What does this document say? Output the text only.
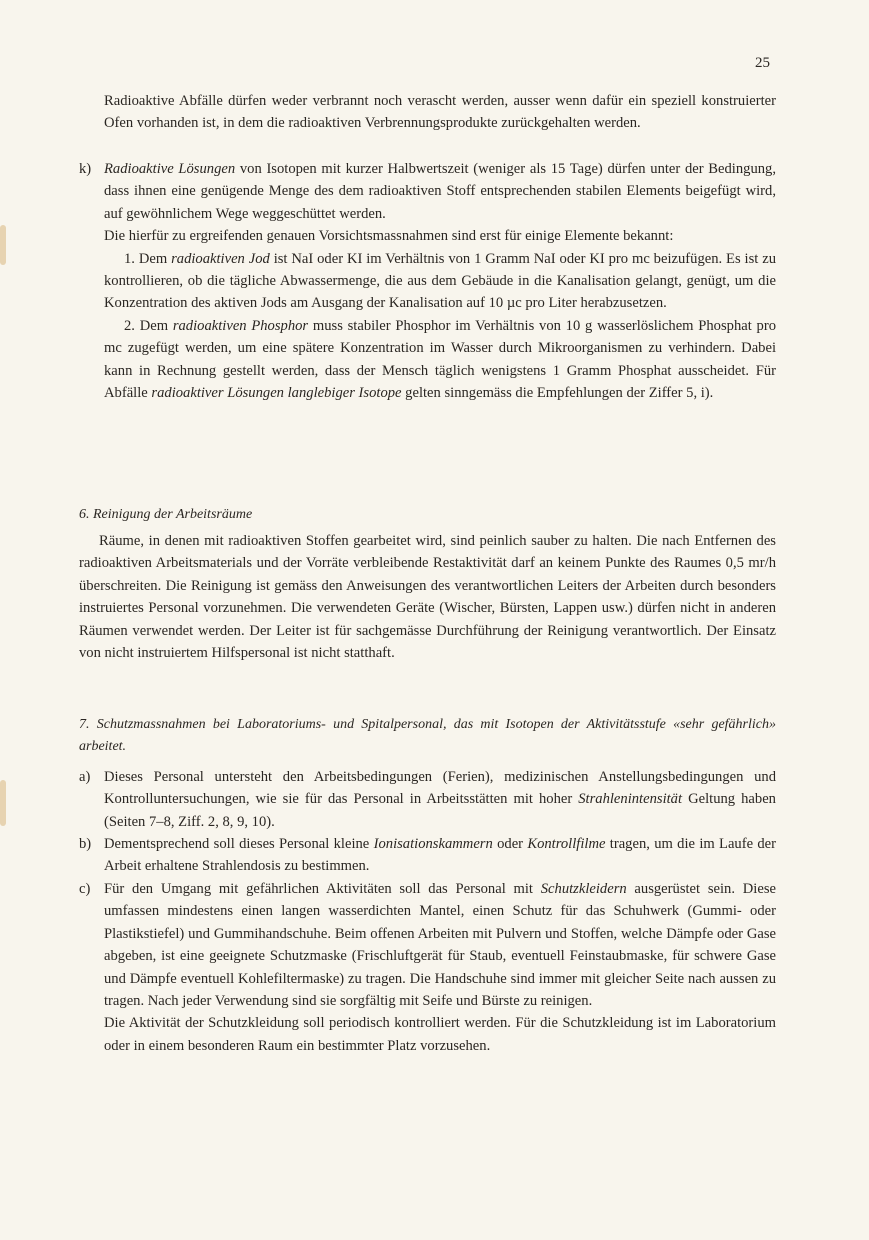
25

Radioaktive Abfälle dürfen weder verbrannt noch verascht werden, ausser wenn dafür ein speziell konstruierter Ofen vorhanden ist, in dem die radioaktiven Verbrennungsprodukte zurückgehalten werden.

k) Radioaktive Lösungen von Isotopen mit kurzer Halbwertszeit (weniger als 15 Tage) dürfen unter der Bedingung, dass ihnen eine genügende Menge des dem radioaktiven Stoff entsprechenden stabilen Elements beigefügt wird, auf gewöhnlichem Wege weggeschüttet werden.

Die hierfür zu ergreifenden genauen Vorsichtsmassnahmen sind erst für einige Elemente bekannt:

1. Dem radioaktiven Jod ist NaI oder KI im Verhältnis von 1 Gramm NaI oder KI pro mc beizufügen. Es ist zu kontrollieren, ob die tägliche Abwassermenge, die aus dem Gebäude in die Kanalisation gelangt, genügt, um die Konzentration des aktiven Jods am Ausgang der Kanalisation auf 10 µc pro Liter herabzusetzen.

2. Dem radioaktiven Phosphor muss stabiler Phosphor im Verhältnis von 10 g wasserlöslichem Phosphat pro mc zugefügt werden, um eine spätere Konzentration im Wasser durch Mikroorganismen zu verhindern. Dabei kann in Rechnung gestellt werden, dass der Mensch täglich wenigstens 1 Gramm Phosphat ausscheidet. Für Abfälle radioaktiver Lösungen langlebiger Isotope gelten sinngemäss die Empfehlungen der Ziffer 5, i).

6. Reinigung der Arbeitsräume
Räume, in denen mit radioaktiven Stoffen gearbeitet wird, sind peinlich sauber zu halten. Die nach Entfernen des radioaktiven Arbeitsmaterials und der Vorräte verbleibende Restaktivität darf an keinem Punkte des Raumes 0,5 mr/h überschreiten. Die Reinigung ist gemäss den Anweisungen des verantwortlichen Leiters der Arbeiten durch besonders instruiertes Personal vorzunehmen. Die verwendeten Geräte (Wischer, Bürsten, Lappen usw.) dürfen nicht in anderen Räumen verwendet werden. Der Leiter ist für sachgemässe Durchführung der Reinigung verantwortlich. Der Einsatz von nicht instruiertem Hilfspersonal ist nicht statthaft.
7. Schutzmassnahmen bei Laboratoriums- und Spitalpersonal, das mit Isotopen der Aktivitätsstufe «sehr gefährlich» arbeitet.
a) Dieses Personal untersteht den Arbeitsbedingungen (Ferien), medizinischen Anstellungsbedingungen und Kontrolluntersuchungen, wie sie für das Personal in Arbeitsstätten mit hoher Strahlenintensität Geltung haben (Seiten 7–8, Ziff. 2, 8, 9, 10).

b) Dementsprechend soll dieses Personal kleine Ionisationskammern oder Kontrollfilme tragen, um die im Laufe der Arbeit erhaltene Strahlendosis zu bestimmen.

c) Für den Umgang mit gefährlichen Aktivitäten soll das Personal mit Schutzkleidern ausgerüstet sein. Diese umfassen mindestens einen langen wasserdichten Mantel, einen Schutz für das Schuhwerk (Gummi- oder Plastikstiefel) und Gummihandschuhe. Beim offenen Arbeiten mit Pulvern und Stoffen, welche Dämpfe oder Gase abgeben, ist eine geeignete Schutzmaske (Frischluftgerät für Staub, eventuell Feinstaubmaske, für schwere Gase und Dämpfe eventuell Kohlefiltermaske) zu tragen. Die Handschuhe sind immer mit gleicher Seite nach aussen zu tragen. Nach jeder Verwendung sind sie sorgfältig mit Seife und Bürste zu reinigen.

Die Aktivität der Schutzkleidung soll periodisch kontrolliert werden. Für die Schutzkleidung ist im Laboratorium oder in einem besonderen Raum ein bestimmter Platz vorzusehen.
